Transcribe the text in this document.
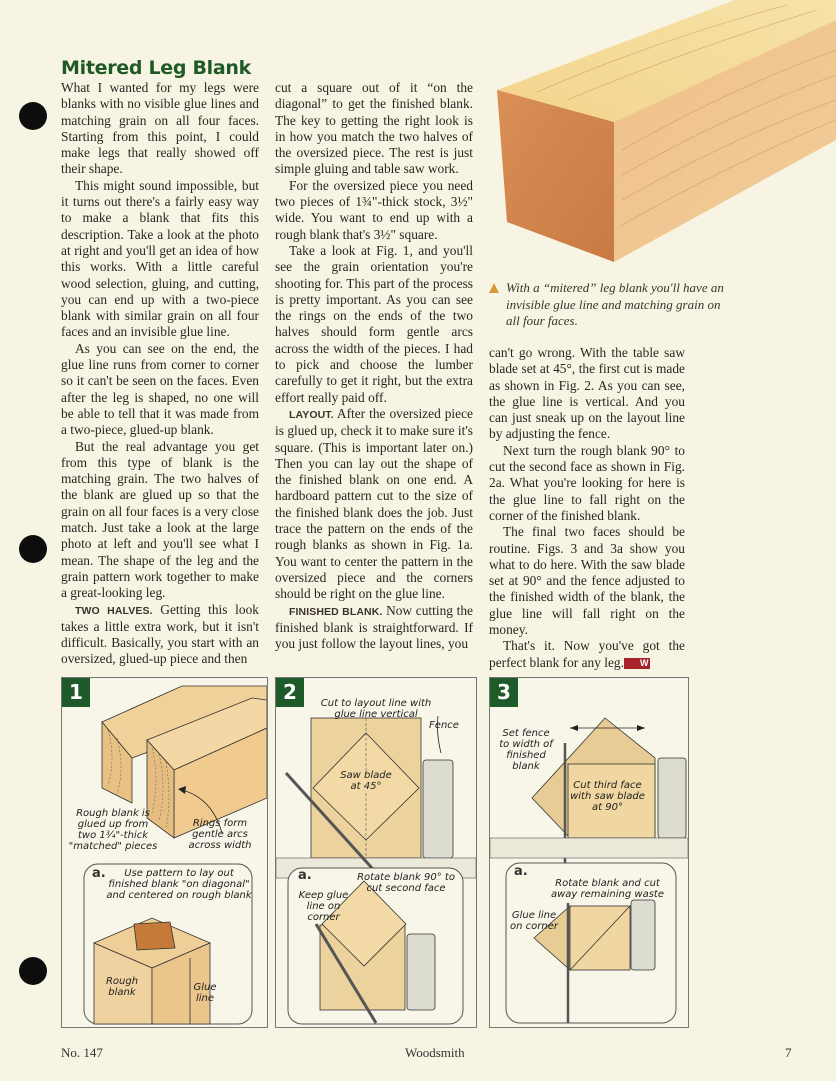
Mitered Leg Blank

What I wanted for my legs were blanks with no visible glue lines and matching grain on all four faces. Starting from this point, I could make legs that really showed off their shape.

This might sound impossible, but it turns out there's a fairly easy way to make a blank that fits this description. Take a look at the photo at right and you'll get an idea of how this works. With a little careful wood selection, gluing, and cutting, you can end up with a two-piece blank with similar grain on all four faces and an invisible glue line.

As you can see on the end, the glue line runs from corner to corner so it can't be seen on the faces. Even after the leg is shaped, no one will be able to tell that it was made from a two-piece, glued-up blank.

But the real advantage you get from this type of blank is the matching grain. The two halves of the blank are glued up so that the grain on all four faces is a very close match. Just take a look at the large photo at left and you'll see what I mean. The shape of the leg and the grain pattern work together to make a great-looking leg.

TWO HALVES. Getting this look takes a little extra work, but it isn't difficult. Basically, you start with an oversized, glued-up piece and then

cut a square out of it “on the diagonal” to get the finished blank. The key to getting the right look is in how you match the two halves of the oversized piece. The rest is just simple gluing and table saw work.

For the oversized piece you need two pieces of 1¾"-thick stock, 3½" wide. You want to end up with a rough blank that's 3½" square.

Take a look at Fig. 1, and you'll see the grain orientation you're shooting for. This part of the process is pretty important. As you can see the rings on the ends of the two halves should form gentle arcs across the width of the pieces. I had to pick and choose the lumber carefully to get it right, but the extra effort really paid off.

LAYOUT. After the oversized piece is glued up, check it to make sure it's square. (This is important later on.) Then you can lay out the shape of the finished blank on one end. A hardboard pattern cut to the size of the finished blank does the job. Just trace the pattern on the ends of the rough blanks as shown in Fig. 1a. You want to center the pattern in the oversized piece and the corners should be right on the glue line.

FINISHED BLANK. Now cutting the finished blank is straightforward. If you just follow the layout lines, you

can't go wrong. With the table saw blade set at 45°, the first cut is made as shown in Fig. 2. As you can see, the glue line is vertical. And you can just sneak up on the layout line by adjusting the fence.

Next turn the rough blank 90° to cut the second face as shown in Fig. 2a. What you're looking for here is the glue line to fall right on the corner of the finished blank.

The final two faces should be routine. Figs. 3 and 3a show you what to do here. With the saw blade set at 90° and the fence adjusted to the finished width of the blank, the glue line will fall right on the money.

That's it. Now you've got the perfect blank for any leg. W

With a “mitered” leg blank you'll have an invisible glue line and matching grain on all four faces.
1
Rough blank is glued up from two 1¾"-thick "matched" pieces
Rings form gentle arcs across width
a.	Use pattern to lay out finished blank "on diagonal" and centered on rough blank
Rough blank	Glue line
2	Cut to layout line with glue line vertical
Fence
Saw blade at 45°
a.	Rotate blank 90° to cut second face
Keep glue line on corner
3
Set fence to width of finished blank
Cut third face with saw blade at 90°
a.
Rotate blank and cut away remaining waste
Glue line on corner
No. 147	Woodsmith	7
